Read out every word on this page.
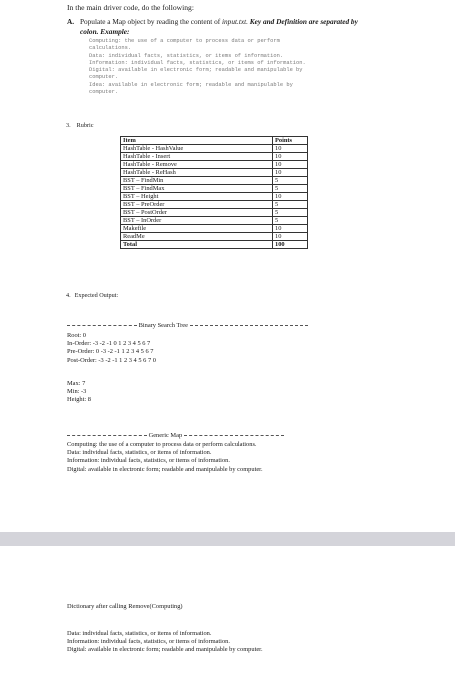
In the main driver code, do the following:
A. Populate a Map object by reading the content of input.txt. Key and Definition are separated by
colon. Example:
Computing: the use of a computer to process data or perform
calculations.
Data: individual facts, statistics, or items of information.
Information: individual facts, statistics, or items of information.
Digital: available in electronic form; readable and manipulable by
computer.
Idea: available in electronic form; readable and manipulable by
computer.
3. Rubric
Item	Points
HashTable - HashValue	10
HashTable - Insert	10
HashTable - Remove	10
HashTable - ReHash	10
BST – FindMin	5
BST – FindMax	5
BST – Height	10
BST – PreOrder	5
BST – PostOrder	5
BST – InOrder	5
Makefile	10
ReadMe	10
Total	100
4. Expected Output:
Binary Search Tree
Root: 0
In-Order: -3 -2 -1 0 1 2 3 4 5 6 7
Pre-Order: 0 -3 -2 -1 1 2 3 4 5 6 7
Post-Order: -3 -2 -1 1 2 3 4 5 6 7 0
Max: 7
Min: -3
Height: 8
Generic Map
Computing: the use of a computer to process data or perform calculations.
Data: individual facts, statistics, or items of information.
Information: individual facts, statistics, or items of information.
Digital: available in electronic form; readable and manipulable by computer.
Dictionary after calling Remove(Computing)
Data: individual facts, statistics, or items of information.
Information: individual facts, statistics, or items of information.
Digital: available in electronic form; readable and manipulable by computer.
